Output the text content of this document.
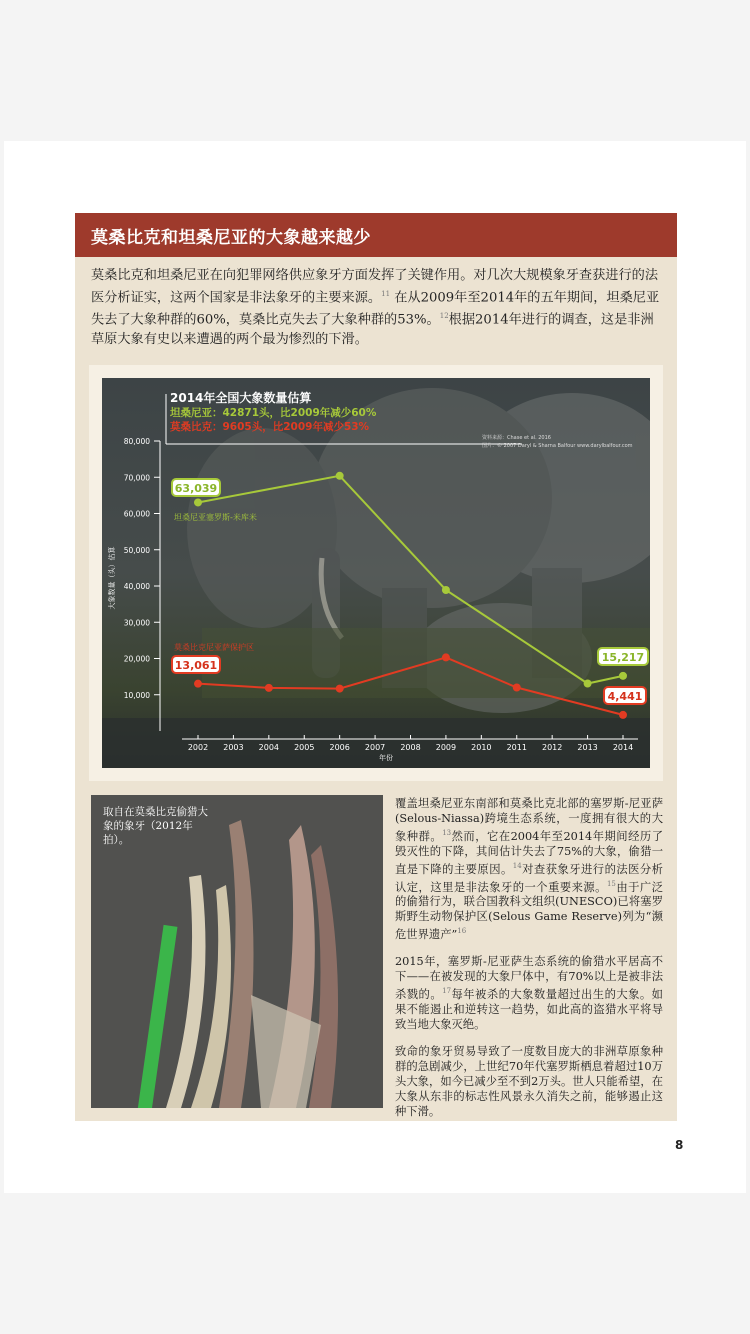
莫桑比克和坦桑尼亚的大象越来越少
莫桑比克和坦桑尼亚在向犯罪网络供应象牙方面发挥了关键作用。对几次大规模象牙查获进行的法医分析证实，这两个国家是非法象牙的主要来源。$^{11}$ 在从2009年至2014年的五年期间，坦桑尼亚失去了大象种群的60%，莫桑比克失去了大象种群的53%。$^{12}$根据2014年进行的调查，这是非洲草原大象有史以来遭遇的两个最为惨烈的下滑。
80,000
70,000
60,000
50,000
40,000
30,000
20,000
10,000
2002 2003 2004 2005 2006 2007 2008 2009 2010 2011 2012 2013 2014
2014年全国大象数量估算
坦桑尼亚：42871头，比2009年减少60%
莫桑比克：9605头，比2009年减少53%
资料来源：Chase et al. 2016
图片：© 2007 Daryl & Sharna Balfour www.darylbalfour.com
大象数量（头）估算
年份
坦桑尼亚塞罗斯-米库米
莫桑比克尼亚萨保护区
63,039
15,217
13,061
4,441
取自在莫桑比克偷猎大象的象牙（2012年拍）。

覆盖坦桑尼亚东南部和莫桑比克北部的塞罗斯-尼亚萨(Selous-Niassa)跨境生态系统，一度拥有很大的大象种群。$^{13}$然而，它在2004年至2014年期间经历了毁灭性的下降，其间估计失去了75%的大象，偷猎一直是下降的主要原因。$^{14}$对查获象牙进行的法医分析认定，这里是非法象牙的一个重要来源。$^{15}$由于广泛的偷猎行为，联合国教科文组织(UNESCO)已将塞罗斯野生动物保护区(Selous Game Reserve)列为“濒危世界遗产”$^{16}$

2015年，塞罗斯-尼亚萨生态系统的偷猎水平居高不下——在被发现的大象尸体中，有70%以上是被非法杀戮的。$^{17}$每年被杀的大象数量超过出生的大象。如果不能遏止和逆转这一趋势，如此高的盗猎水平将导致当地大象灭绝。

致命的象牙贸易导致了一度数目庞大的非洲草原象种群的急剧减少，上世纪70年代塞罗斯栖息着超过10万头大象，如今已减少至不到2万头。世人只能希望，在大象从东非的标志性风景永久消失之前，能够遏止这种下滑。

8
